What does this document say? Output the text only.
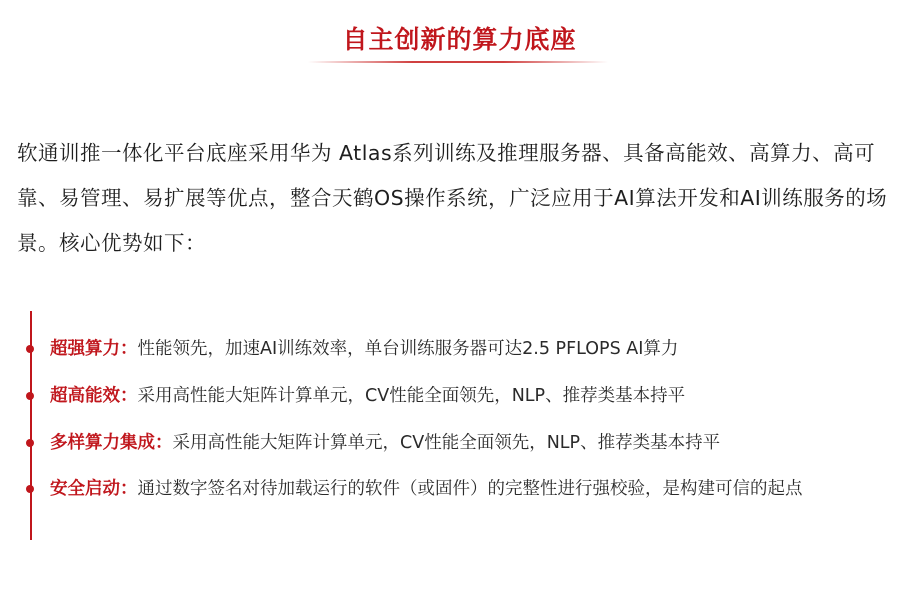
自主创新的算力底座
软通训推一体化平台底座采用华为 Atlas系列训练及推理服务器、具备高能效、高算力、高可靠、易管理、易扩展等优点，整合天鹤OS操作系统，广泛应用于AI算法开发和AI训练服务的场景。核心优势如下：
超强算力：性能领先，加速AI训练效率，单台训练服务器可达2.5 PFLOPS AI算力
超高能效：采用高性能大矩阵计算单元，CV性能全面领先，NLP、推荐类基本持平
多样算力集成：采用高性能大矩阵计算单元，CV性能全面领先，NLP、推荐类基本持平
安全启动：通过数字签名对待加载运行的软件（或固件）的完整性进行强校验，是构建可信的起点
